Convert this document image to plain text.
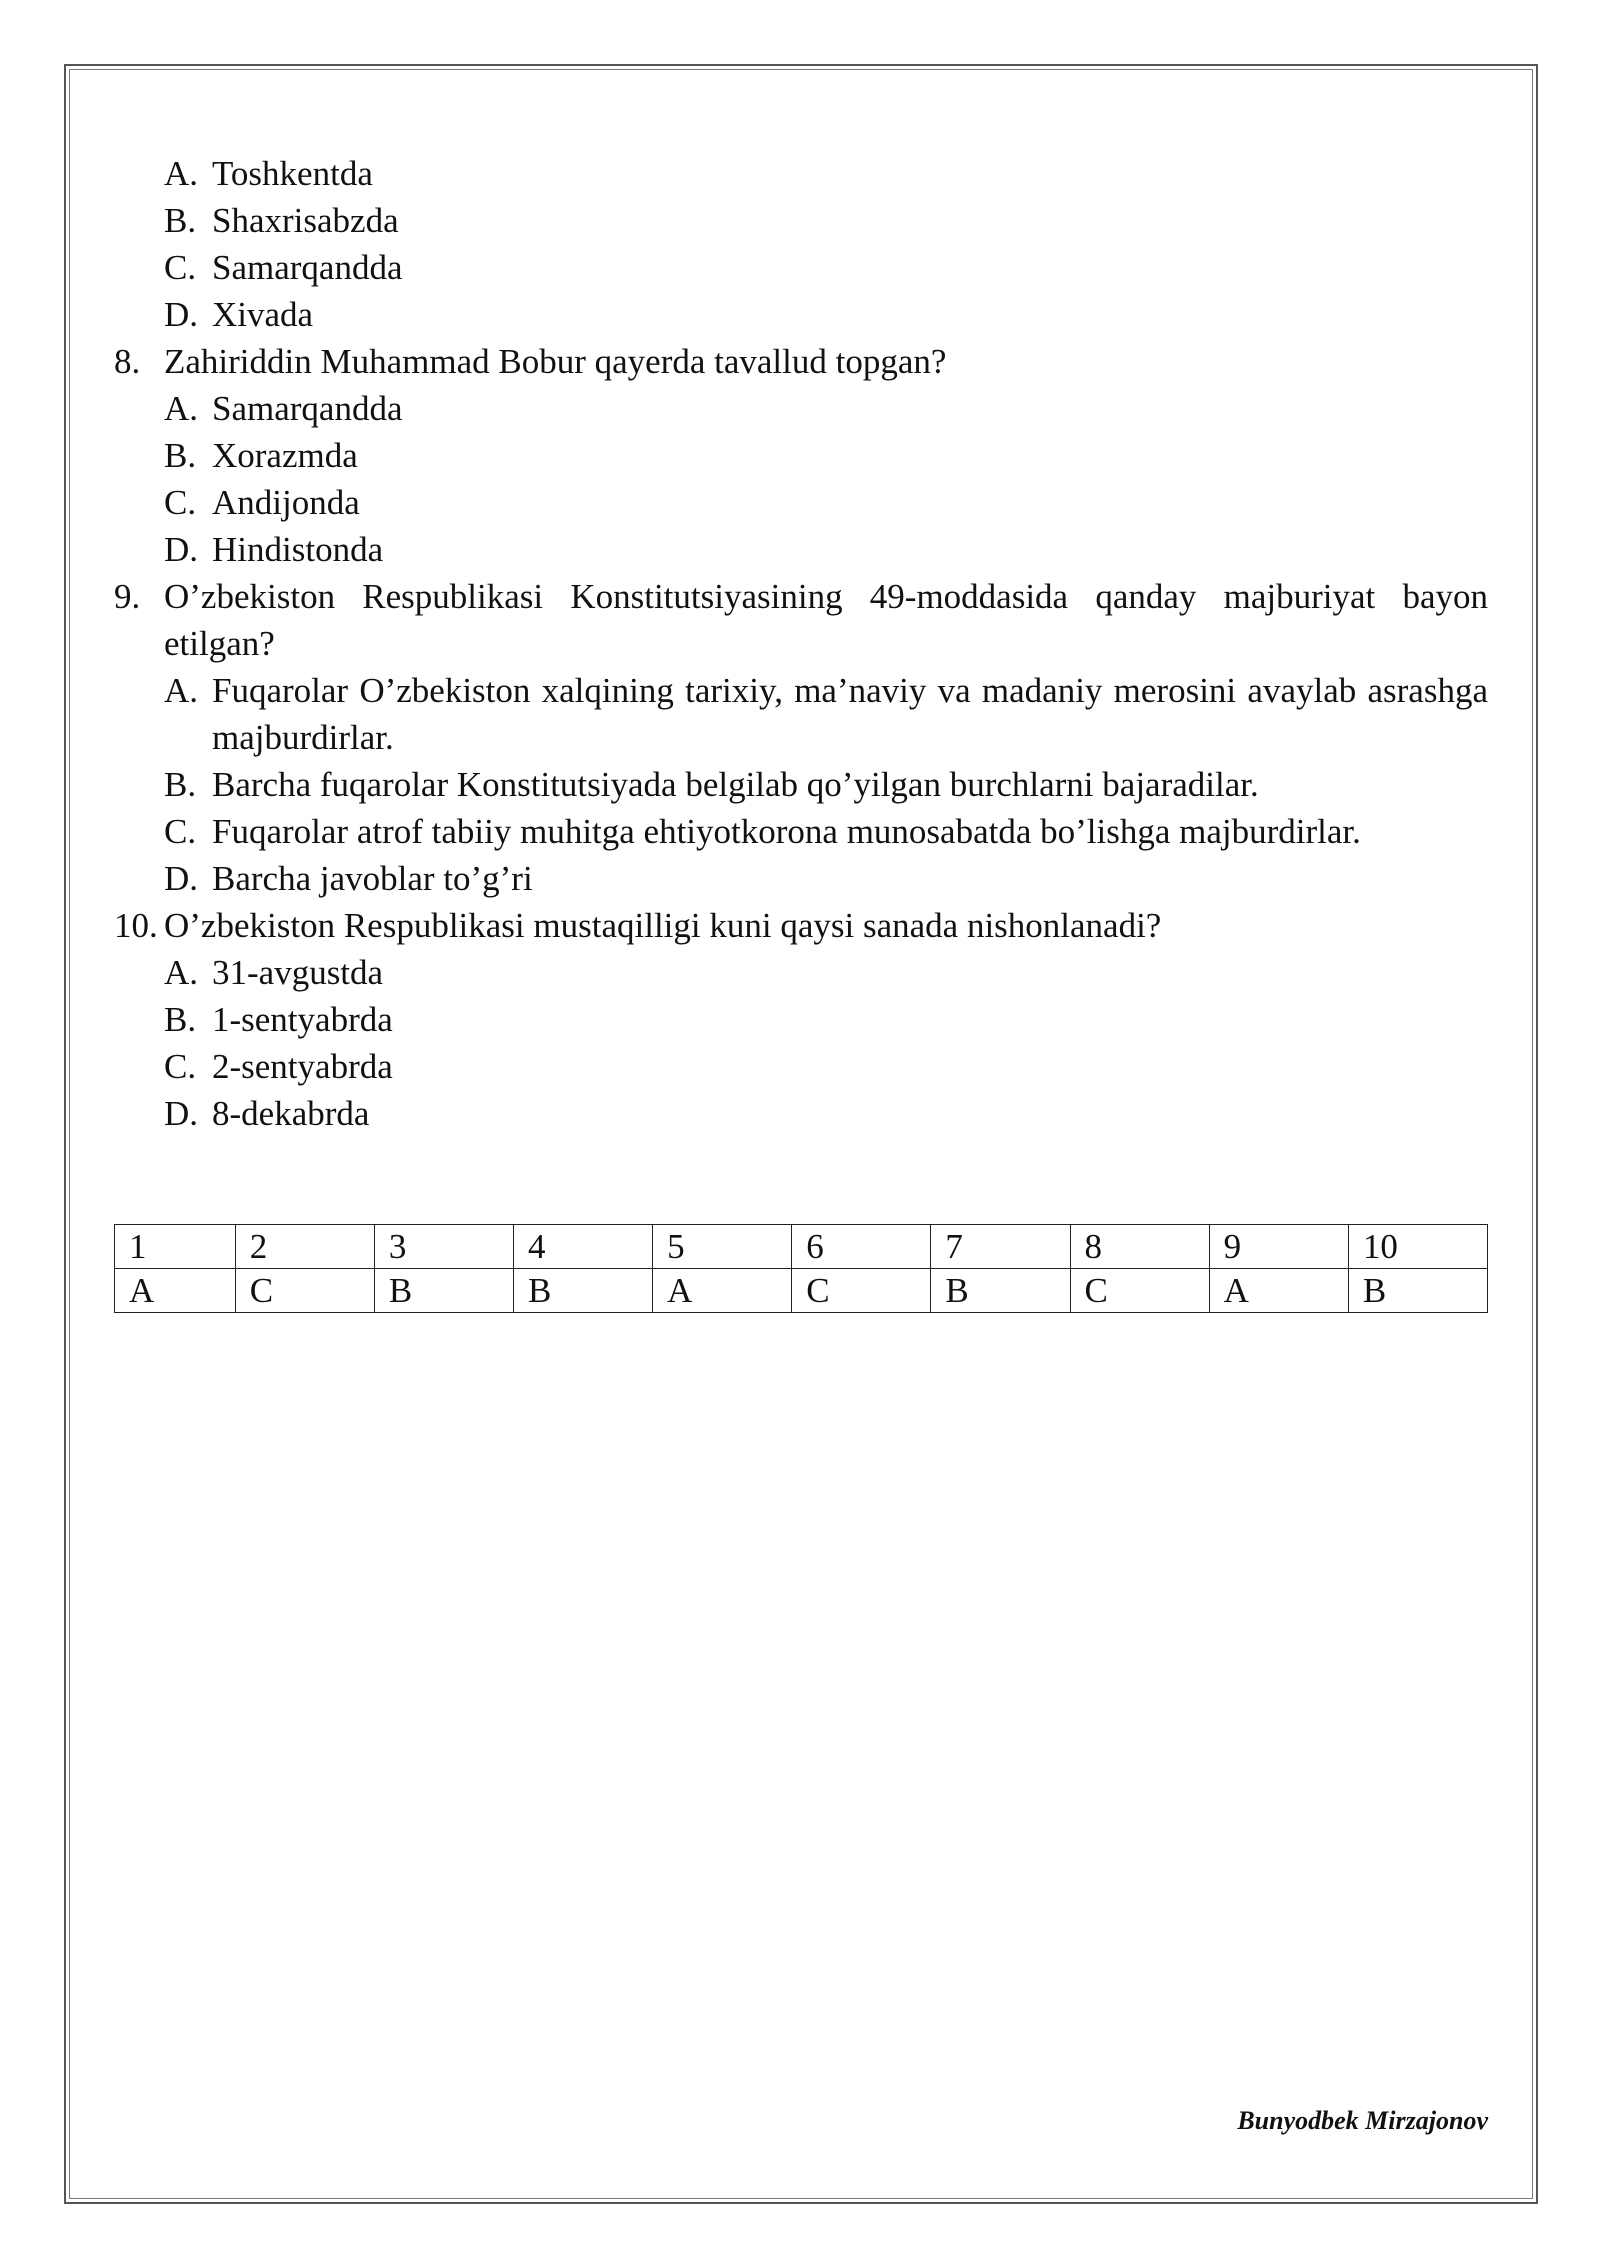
A. Toshkentda
B. Shaxrisabzda
C. Samarqandda
D. Xivada
8. Zahiriddin Muhammad Bobur qayerda tavallud topgan?
A. Samarqandda
B. Xorazmda
C. Andijonda
D. Hindistonda
9. O’zbekiston Respublikasi Konstitutsiyasining 49-moddasida qanday majburiyat bayon etilgan?
A. Fuqarolar O’zbekiston xalqining tarixiy, ma’naviy va madaniy merosini avaylab asrashga majburdirlar.
B. Barcha fuqarolar Konstitutsiyada belgilab qo’yilgan burchlarni bajaradilar.
C. Fuqarolar atrof tabiiy muhitga ehtiyotkorona munosabatda bo’lishga majburdirlar.
D. Barcha javoblar to’g’ri
10. O’zbekiston Respublikasi mustaqilligi kuni qaysi sanada nishonlanadi?
A. 31-avgustda
B. 1-sentyabrda
C. 2-sentyabrda
D. 8-dekabrda
1	2	3	4	5	6	7	8	9	10
A	C	B	B	A	C	B	C	A	B
Bunyodbek Mirzajonov
